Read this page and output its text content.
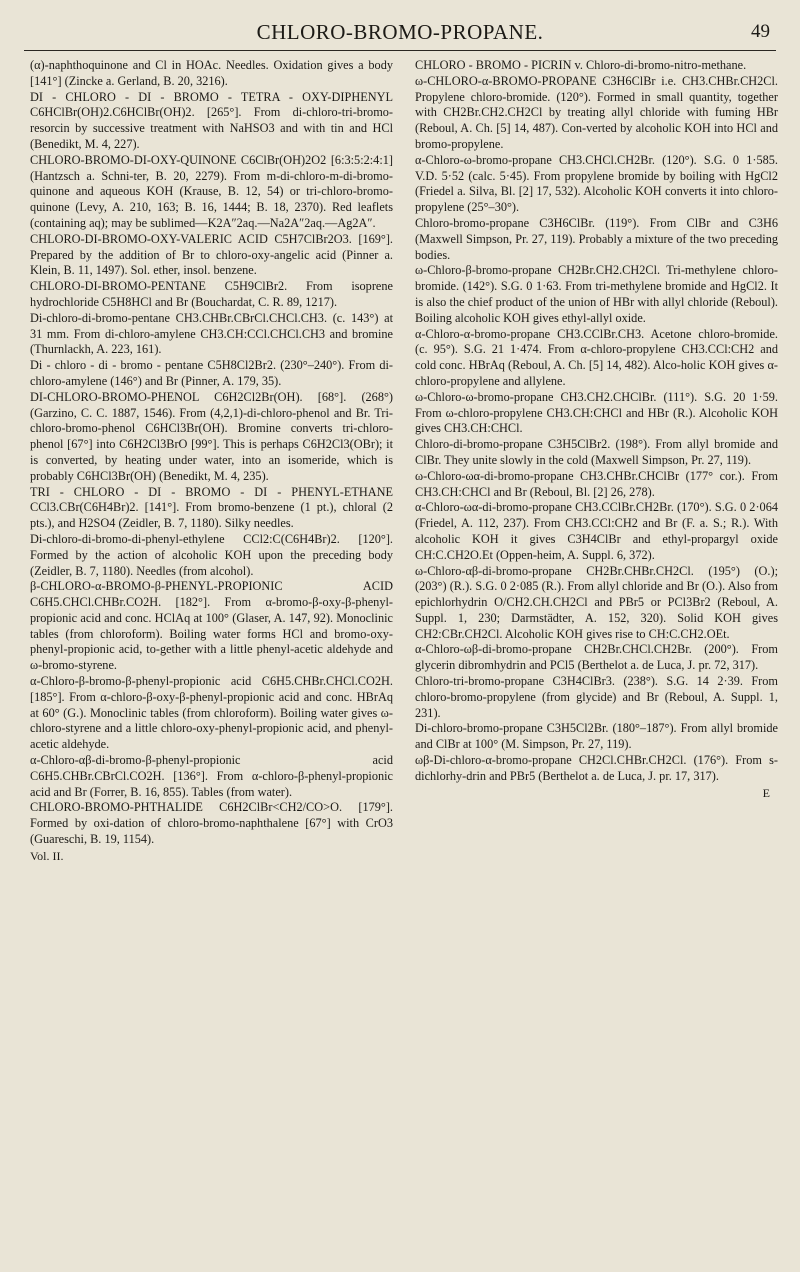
CHLORO-BROMO-PROPANE.	49

(α)-naphthoquinone and Cl in HOAc. Needles. Oxidation gives a body [141°] (Zincke a. Gerland, B. 20, 3216).

DI - CHLORO - DI - BROMO - TETRA - OXY-DIPHENYL C6HClBr(OH)2.C6HClBr(OH)2. [265°]. From di-chloro-tri-bromo-resorcin by successive treatment with NaHSO3 and with tin and HCl (Benedikt, M. 4, 227).

CHLORO-BROMO-DI-OXY-QUINONE C6ClBr(OH)2O2 [6:3:5:2:4:1] (Hantzsch a. Schni-ter, B. 20, 2279). From m-di-chloro-m-di-bromo-quinone and aqueous KOH (Krause, B. 12, 54) or tri-chloro-bromo-quinone (Levy, A. 210, 163; B. 16, 1444; B. 18, 2370). Red leaflets (containing aq); may be sublimed—K2A″2aq.—Na2A″2aq.—Ag2A″.

CHLORO-DI-BROMO-OXY-VALERIC ACID C5H7ClBr2O3. [169°]. Prepared by the addition of Br to chloro-oxy-angelic acid (Pinner a. Klein, B. 11, 1497). Sol. ether, insol. benzene.

CHLORO-DI-BROMO-PENTANE C5H9ClBr2. From isoprene hydrochloride C5H8HCl and Br (Bouchardat, C. R. 89, 1217).

Di-chloro-di-bromo-pentane CH3.CHBr.CBrCl.CHCl.CH3. (c. 143°) at 31 mm. From di-chloro-amylene CH3.CH:CCl.CHCl.CH3 and bromine (Thurnlackh, A. 223, 161).

Di - chloro - di - bromo - pentane C5H8Cl2Br2. (230°–240°). From di-chloro-amylene (146°) and Br (Pinner, A. 179, 35).

DI-CHLORO-BROMO-PHENOL C6H2Cl2Br(OH). [68°]. (268°) (Garzino, C. C. 1887, 1546). From (4,2,1)-di-chloro-phenol and Br. Tri-chloro-bromo-phenol C6HCl3Br(OH). Bromine converts tri-chloro-phenol [67°] into C6H2Cl3BrO [99°]. This is perhaps C6H2Cl3(OBr); it is converted, by heating under water, into an isomeride, which is probably C6HCl3Br(OH) (Benedikt, M. 4, 235).

TRI - CHLORO - DI - BROMO - DI - PHENYL-ETHANE CCl3.CBr(C6H4Br)2. [141°]. From bromo-benzene (1 pt.), chloral (2 pts.), and H2SO4 (Zeidler, B. 7, 1180). Silky needles.

Di-chloro-di-bromo-di-phenyl-ethylene CCl2:C(C6H4Br)2. [120°]. Formed by the action of alcoholic KOH upon the preceding body (Zeidler, B. 7, 1180). Needles (from alcohol).

β-CHLORO-α-BROMO-β-PHENYL-PROPIONIC ACID C6H5.CHCl.CHBr.CO2H. [182°]. From α-bromo-β-oxy-β-phenyl-propionic acid and conc. HClAq at 100° (Glaser, A. 147, 92). Monoclinic tables (from chloroform). Boiling water forms HCl and bromo-oxy-phenyl-propionic acid, to-gether with a little phenyl-acetic aldehyde and ω-bromo-styrene.

α-Chloro-β-bromo-β-phenyl-propionic acid C6H5.CHBr.CHCl.CO2H. [185°]. From α-chloro-β-oxy-β-phenyl-propionic acid and conc. HBrAq at 60° (G.). Monoclinic tables (from chloroform). Boiling water gives ω-chloro-styrene and a little chloro-oxy-phenyl-propionic acid, and phenyl-acetic aldehyde.

α-Chloro-αβ-di-bromo-β-phenyl-propionic acid C6H5.CHBr.CBrCl.CO2H. [136°]. From α-chloro-β-phenyl-propionic acid and Br (Forrer, B. 16, 855). Tables (from water).

CHLORO-BROMO-PHTHALIDE C6H2ClBr<CH2/CO>O. [179°]. Formed by oxi-dation of chloro-bromo-naphthalene [67°] with CrO3 (Guareschi, B. 19, 1154).

Vol. II.

CHLORO - BROMO - PICRIN v. Chloro-di-bromo-nitro-methane.

ω-CHLORO-α-BROMO-PROPANE C3H6ClBr i.e. CH3.CHBr.CH2Cl. Propylene chloro-bromide. (120°). Formed in small quantity, together with CH2Br.CH2.CH2Cl by treating allyl chloride with fuming HBr (Reboul, A. Ch. [5] 14, 487). Con-verted by alcoholic KOH into HCl and bromo-propylene.

α-Chloro-ω-bromo-propane CH3.CHCl.CH2Br. (120°). S.G. 0 1·585. V.D. 5·52 (calc. 5·45). From propylene bromide by boiling with HgCl2 (Friedel a. Silva, Bl. [2] 17, 532). Alcoholic KOH converts it into chloro-propylene (25°–30°).

Chloro-bromo-propane C3H6ClBr. (119°). From ClBr and C3H6 (Maxwell Simpson, Pr. 27, 119). Probably a mixture of the two preceding bodies.

ω-Chloro-β-bromo-propane CH2Br.CH2.CH2Cl. Tri-methylene chloro-bromide. (142°). S.G. 0 1·63. From tri-methylene bromide and HgCl2. It is also the chief product of the union of HBr with allyl chloride (Reboul). Boiling alcoholic KOH gives ethyl-allyl oxide.

α-Chloro-α-bromo-propane CH3.CClBr.CH3. Acetone chloro-bromide. (c. 95°). S.G. 21 1·474. From α-chloro-propylene CH3.CCl:CH2 and cold conc. HBrAq (Reboul, A. Ch. [5] 14, 482). Alco-holic KOH gives α-chloro-propylene and allylene.

ω-Chloro-ω-bromo-propane CH3.CH2.CHClBr. (111°). S.G. 20 1·59. From ω-chloro-propylene CH3.CH:CHCl and HBr (R.). Alcoholic KOH gives CH3.CH:CHCl.

Chloro-di-bromo-propane C3H5ClBr2. (198°). From allyl bromide and ClBr. They unite slowly in the cold (Maxwell Simpson, Pr. 27, 119).

ω-Chloro-ωα-di-bromo-propane CH3.CHBr.CHClBr (177° cor.). From CH3.CH:CHCl and Br (Reboul, Bl. [2] 26, 278).

α-Chloro-ωα-di-bromo-propane CH3.CClBr.CH2Br. (170°). S.G. 0 2·064 (Friedel, A. 112, 237). From CH3.CCl:CH2 and Br (F. a. S.; R.). With alcoholic KOH it gives C3H4ClBr and ethyl-propargyl oxide CH:C.CH2O.Et (Oppen-heim, A. Suppl. 6, 372).

ω-Chloro-αβ-di-bromo-propane CH2Br.CHBr.CH2Cl. (195°) (O.); (203°) (R.). S.G. 0 2·085 (R.). From allyl chloride and Br (O.). Also from epichlorhydrin O/CH2.CH.CH2Cl and PBr5 or PCl3Br2 (Reboul, A. Suppl. 1, 230; Darmstädter, A. 152, 320). Solid KOH gives CH2:CBr.CH2Cl. Alcoholic KOH gives rise to CH:C.CH2.OEt.

α-Chloro-ωβ-di-bromo-propane CH2Br.CHCl.CH2Br. (200°). From glycerin dibromhydrin and PCl5 (Berthelot a. de Luca, J. pr. 72, 317).

Chloro-tri-bromo-propane C3H4ClBr3. (238°). S.G. 14 2·39. From chloro-bromo-propylene (from glycide) and Br (Reboul, A. Suppl. 1, 231).

Di-chloro-bromo-propane C3H5Cl2Br. (180°–187°). From allyl bromide and ClBr at 100° (M. Simpson, Pr. 27, 119).

ωβ-Di-chloro-α-bromo-propane CH2Cl.CHBr.CH2Cl. (176°). From s-dichlorhy-drin and PBr5 (Berthelot a. de Luca, J. pr. 17, 317).

E
